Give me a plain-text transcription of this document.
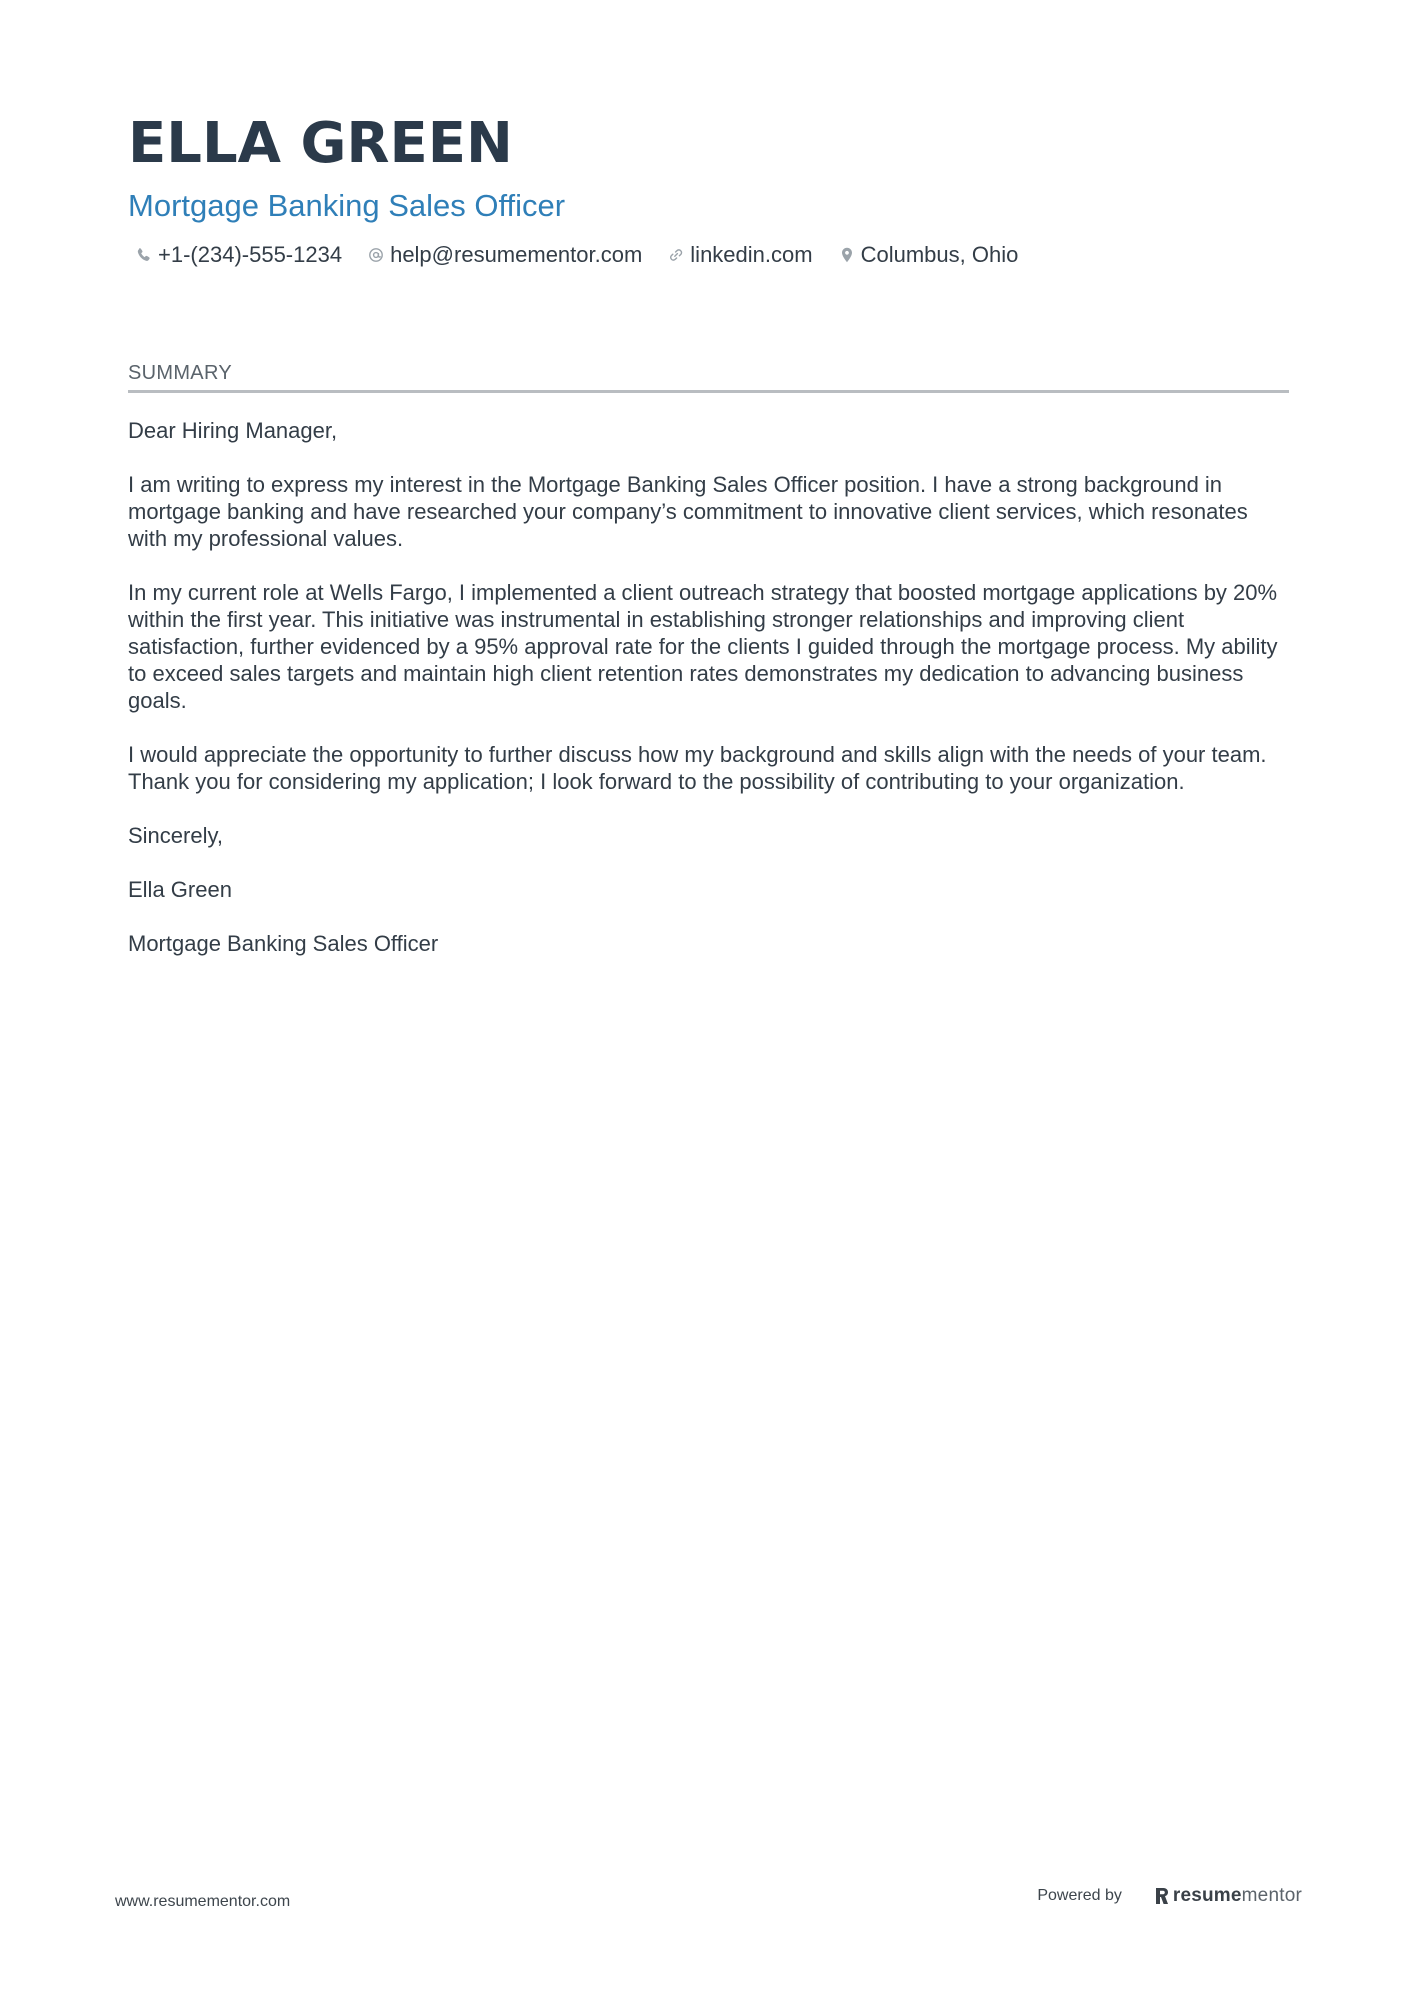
ELLA GREEN
Mortgage Banking Sales Officer
+1-(234)-555-1234 help@resumementor.com linkedin.com Columbus, Ohio
SUMMARY

Dear Hiring Manager,

I am writing to express my interest in the Mortgage Banking Sales Officer position. I have a strong background in mortgage banking and have researched your company’s commitment to innovative client services, which resonates with my professional values.

In my current role at Wells Fargo, I implemented a client outreach strategy that boosted mortgage applications by 20% within the first year. This initiative was instrumental in establishing stronger relationships and improving client satisfaction, further evidenced by a 95% approval rate for the clients I guided through the mortgage process. My ability to exceed sales targets and maintain high client retention rates demonstrates my dedication to advancing business goals.

I would appreciate the opportunity to further discuss how my background and skills align with the needs of your team. Thank you for considering my application; I look forward to the possibility of contributing to your organization.

Sincerely,

Ella Green

Mortgage Banking Sales Officer

www.resumementor.com	Powered by	resumementor
